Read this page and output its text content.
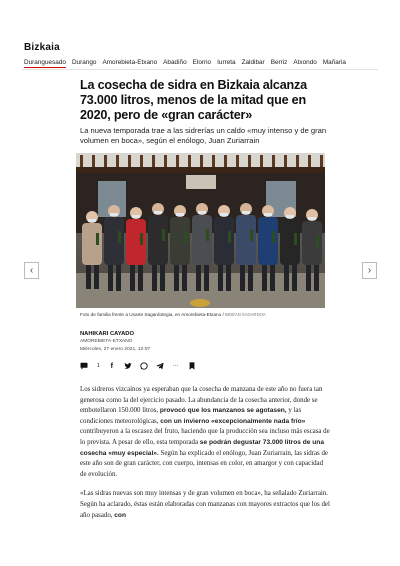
Bizkaia
Duranguesado Durango Amorebieta-Etxano Abadiño Elorrio Iurreta Zaldibar Berriz Atxondo Mañaria
La cosecha de sidra en Bizkaia alcanza 73.000 litros, menos de la mitad que en 2020, pero de «gran carácter»

La nueva temporada trae a las sidrerías un caldo «muy intenso y de gran volumen en boca», según el enólogo, Juan Zuriarrain

Foto de familia frente a Uxarte Sagardotegia, en Amorebieta-Etxano / BIDEAN SAGARDOA
‹	›
NAHIKARI CAYADO
AMOREBIETA-ETXANO
Miércoles, 27 enero 2021, 12:07
1	f	···

Los sidreros vizcaínos ya esperaban que la cosecha de manzana de este año no fuera tan generosa como la del ejercicio pasado. La abundancia de la cosecha anterior, donde se embotellaron 150.000 litros, provocó que los manzanos se agotasen, y las condiciones meteorológicas, con un invierno «excepcionalmente nada frío» contribuyeron a la escasez del fruto, haciendo que la producción sea incluso más escasa de lo prevista. A pesar de ello, esta temporada se podrán degustar 73.000 litros de una cosecha «muy especial». Según ha explicado el enólogo, Juan Zuriarrain, las sidras de este año son de gran carácter, con cuerpo, intensas en color, en amargor y con capacidad de evolución.

«Las sidras nuevas son muy intensas y de gran volumen en boca», ha señalado Zuriarrain. Según ha aclarado, éstas están elaboradas con manzanas con mayores extractos que los del año pasado, con
